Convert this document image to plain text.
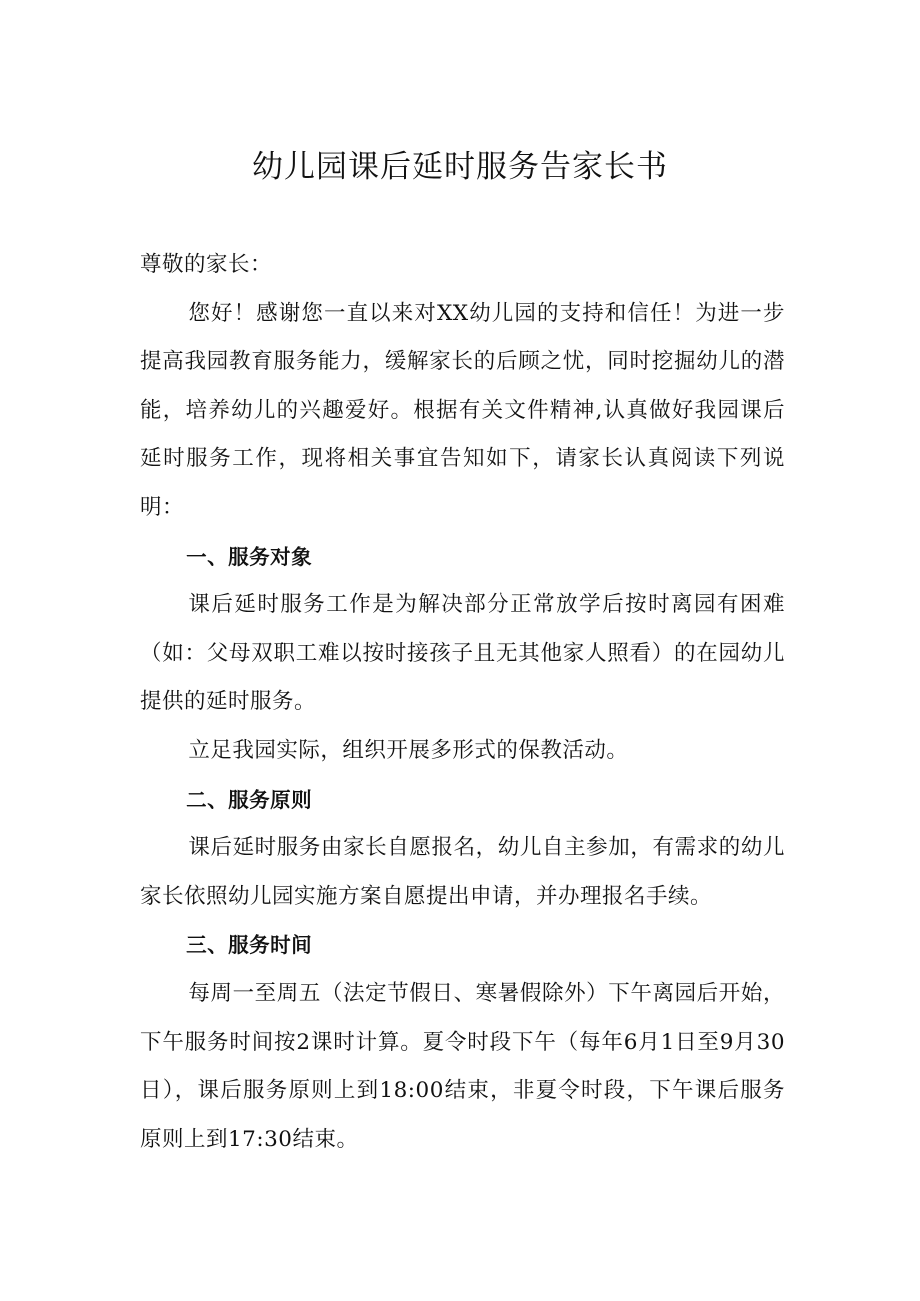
幼儿园课后延时服务告家长书

尊敬的家长：

您好！感谢您一直以来对XX幼儿园的支持和信任！为进一步提高我园教育服务能力，缓解家长的后顾之忧，同时挖掘幼儿的潜能，培养幼儿的兴趣爱好。根据有关文件精神,认真做好我园课后延时服务工作，现将相关事宜告知如下，请家长认真阅读下列说明：

一、服务对象

课后延时服务工作是为解决部分正常放学后按时离园有困难（如：父母双职工难以按时接孩子且无其他家人照看）的在园幼儿提供的延时服务。

立足我园实际，组织开展多形式的保教活动。

二、服务原则

课后延时服务由家长自愿报名，幼儿自主参加，有需求的幼儿家长依照幼儿园实施方案自愿提出申请，并办理报名手续。

三、服务时间

每周一至周五（法定节假日、寒暑假除外）下午离园后开始，下午服务时间按2课时计算。夏令时段下午（每年6月1日至9月30日），课后服务原则上到18:00结束，非夏令时段，下午课后服务原则上到17:30结束。
